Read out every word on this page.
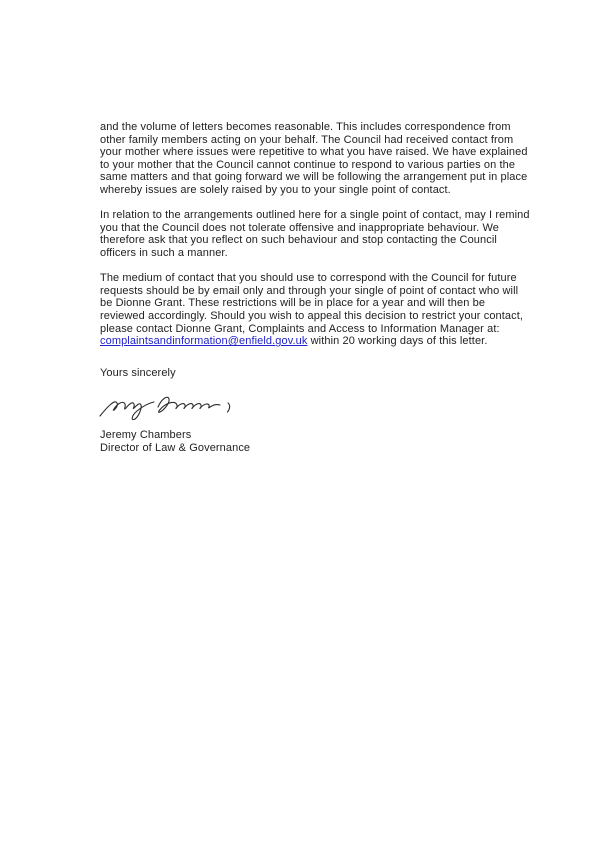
and the volume of letters becomes reasonable. This includes correspondence from
other family members acting on your behalf. The Council had received contact from
your mother where issues were repetitive to what you have raised. We have explained
to your mother that the Council cannot continue to respond to various parties on the
same matters and that going forward we will be following the arrangement put in place
whereby issues are solely raised by you to your single point of contact.
In relation to the arrangements outlined here for a single point of contact, may I remind
you that the Council does not tolerate offensive and inappropriate behaviour. We
therefore ask that you reflect on such behaviour and stop contacting the Council
officers in such a manner.
The medium of contact that you should use to correspond with the Council for future
requests should be by email only and through your single of point of contact who will
be Dionne Grant. These restrictions will be in place for a year and will then be
reviewed accordingly. Should you wish to appeal this decision to restrict your contact,
please contact Dionne Grant, Complaints and Access to Information Manager at:
complaintsandinformation@enfield.gov.uk within 20 working days of this letter.
Yours sincerely
Jeremy Chambers
Director of Law & Governance
